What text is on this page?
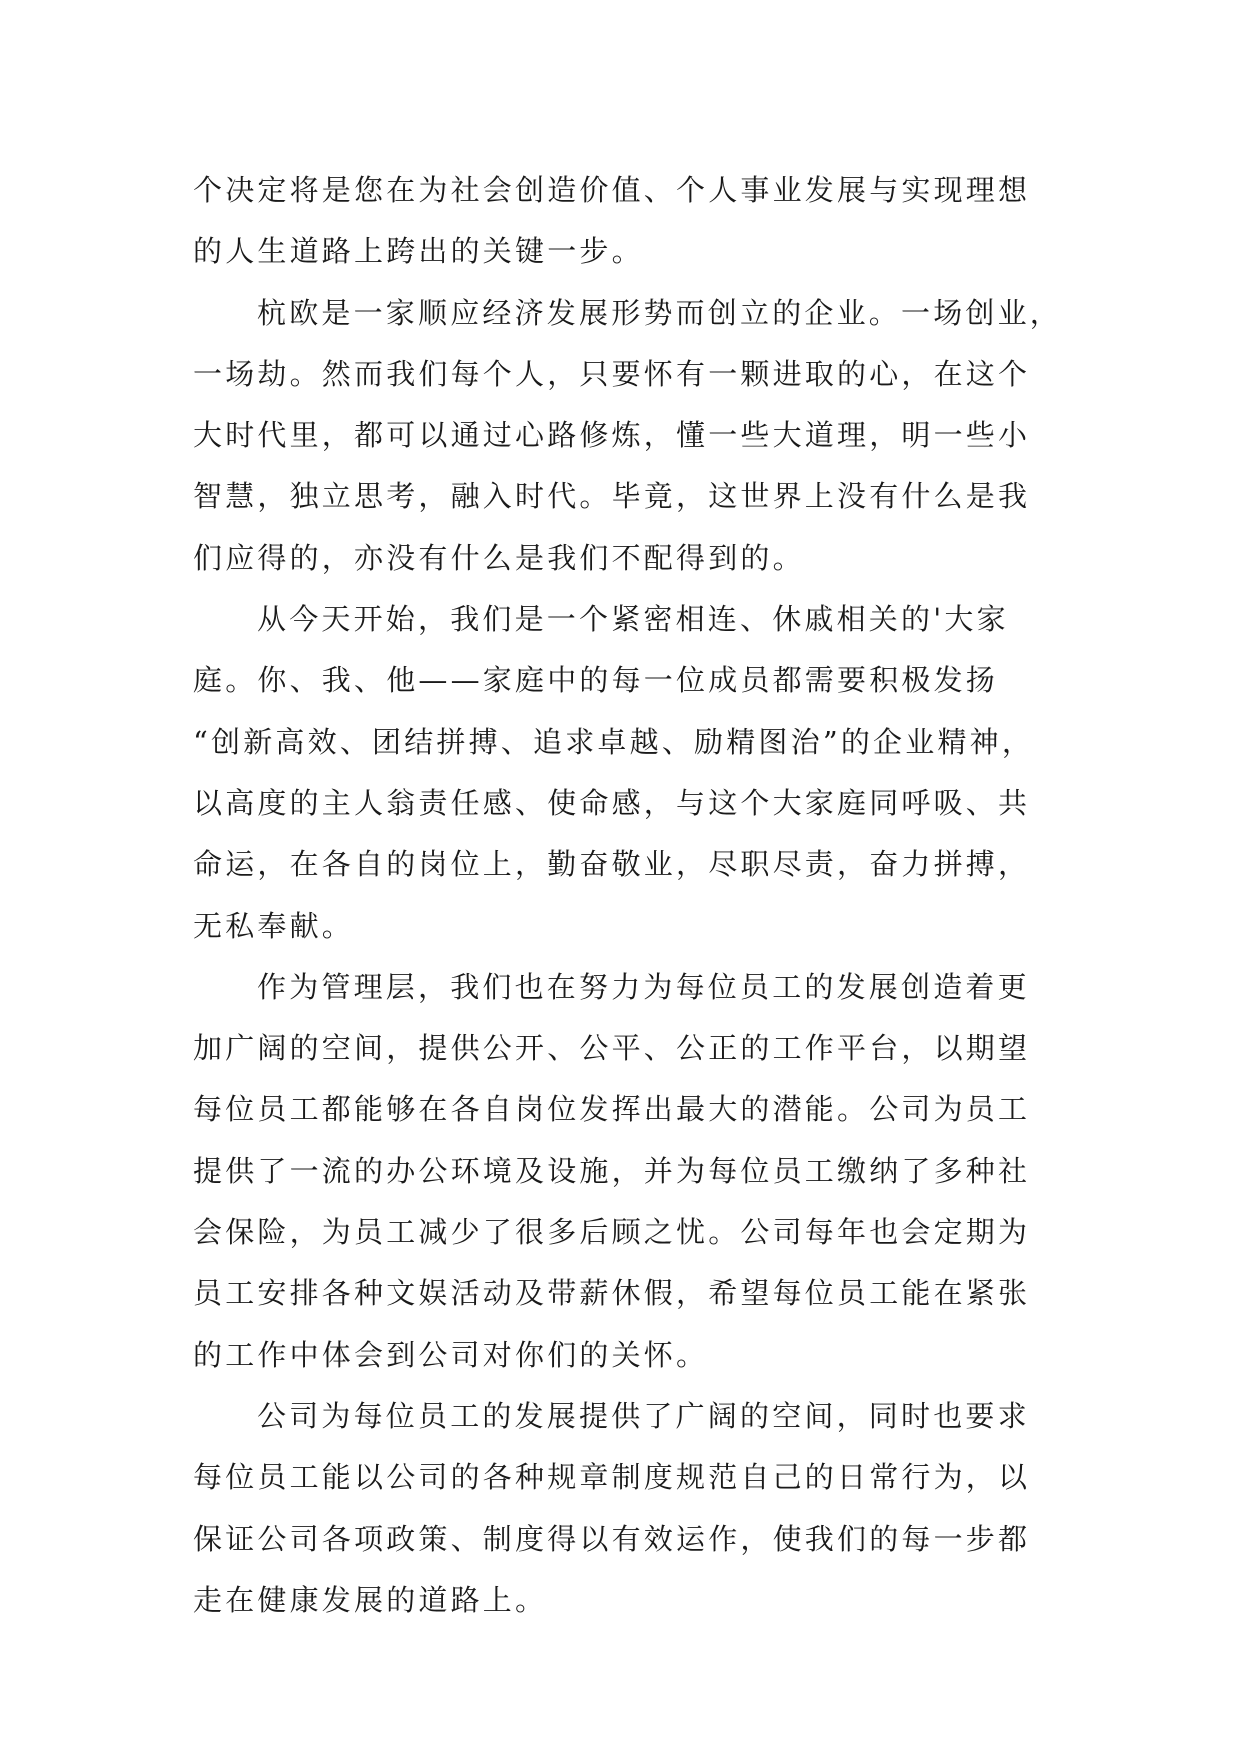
个决定将是您在为社会创造价值、个人事业发展与实现理想
的人生道路上跨出的关键一步。
杭欧是一家顺应经济发展形势而创立的企业。一场创业，
一场劫。然而我们每个人，只要怀有一颗进取的心，在这个
大时代里，都可以通过心路修炼，懂一些大道理，明一些小
智慧，独立思考，融入时代。毕竟，这世界上没有什么是我
们应得的，亦没有什么是我们不配得到的。
从今天开始，我们是一个紧密相连、休戚相关的'大家
庭。你、我、他——家庭中的每一位成员都需要积极发扬
“创新高效、团结拼搏、追求卓越、励精图治”的企业精神，
以高度的主人翁责任感、使命感，与这个大家庭同呼吸、共
命运，在各自的岗位上，勤奋敬业，尽职尽责，奋力拼搏，
无私奉献。
作为管理层，我们也在努力为每位员工的发展创造着更
加广阔的空间，提供公开、公平、公正的工作平台，以期望
每位员工都能够在各自岗位发挥出最大的潜能。公司为员工
提供了一流的办公环境及设施，并为每位员工缴纳了多种社
会保险，为员工减少了很多后顾之忧。公司每年也会定期为
员工安排各种文娱活动及带薪休假，希望每位员工能在紧张
的工作中体会到公司对你们的关怀。
公司为每位员工的发展提供了广阔的空间，同时也要求
每位员工能以公司的各种规章制度规范自己的日常行为，以
保证公司各项政策、制度得以有效运作，使我们的每一步都
走在健康发展的道路上。
